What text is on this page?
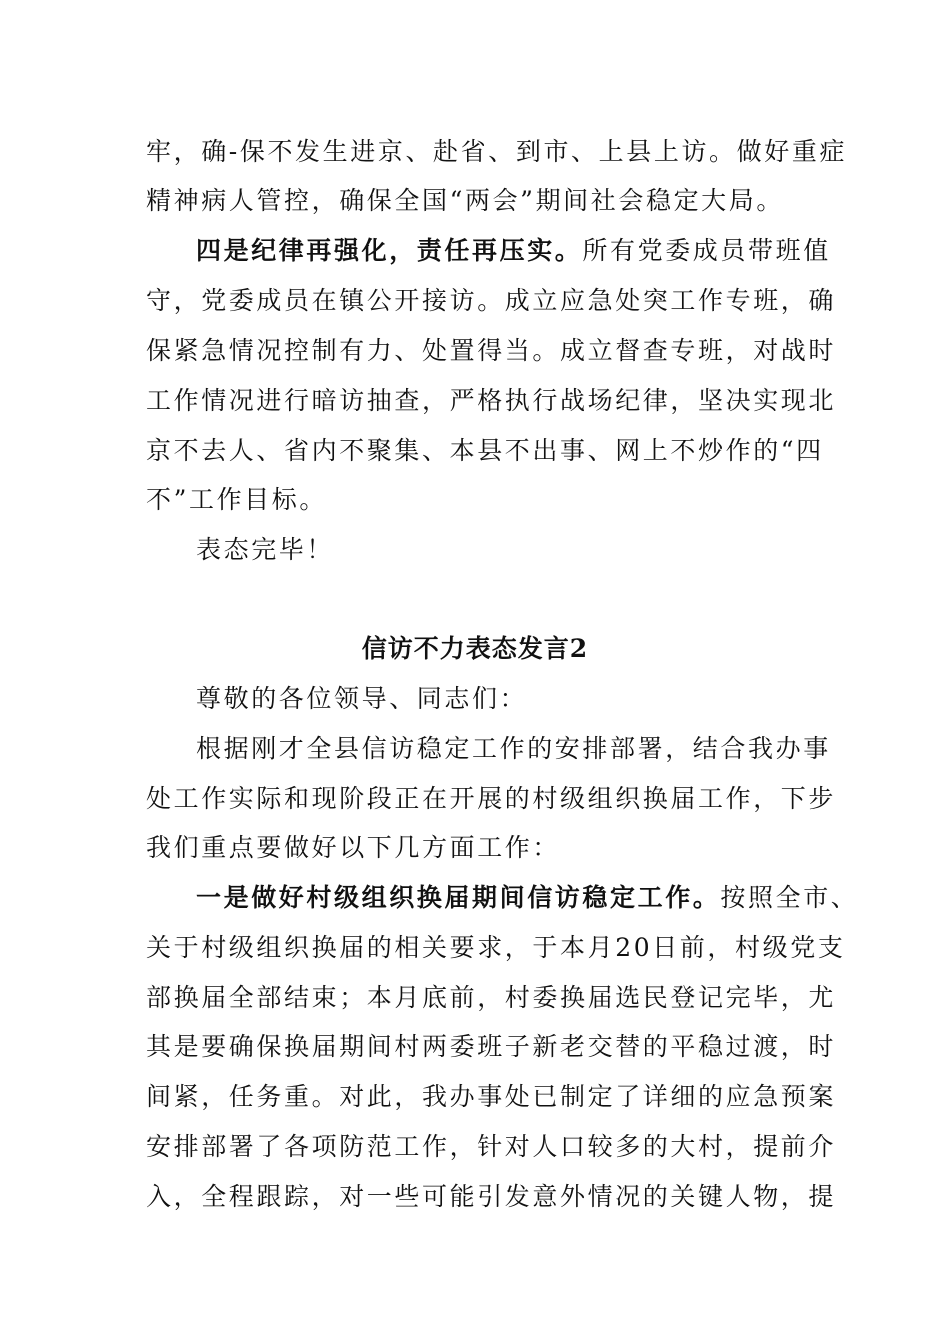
牢，确-保不发生进京、赴省、到市、上县上访。做好重症
精神病人管控，确保全国“两会”期间社会稳定大局。
四是纪律再强化，责任再压实。所有党委成员带班值
守，党委成员在镇公开接访。成立应急处突工作专班，确
保紧急情况控制有力、处置得当。成立督查专班，对战时
工作情况进行暗访抽查，严格执行战场纪律，坚决实现北
京不去人、省内不聚集、本县不出事、网上不炒作的“四
不”工作目标。
表态完毕！
信访不力表态发言2
尊敬的各位领导、同志们：
根据刚才全县信访稳定工作的安排部署，结合我办事
处工作实际和现阶段正在开展的村级组织换届工作，下步
我们重点要做好以下几方面工作：
一是做好村级组织换届期间信访稳定工作。按照全市、
关于村级组织换届的相关要求，于本月20日前，村级党支
部换届全部结束；本月底前，村委换届选民登记完毕，尤
其是要确保换届期间村两委班子新老交替的平稳过渡，时
间紧，任务重。对此，我办事处已制定了详细的应急预案
安排部署了各项防范工作，针对人口较多的大村，提前介
入，全程跟踪，对一些可能引发意外情况的关键人物，提
